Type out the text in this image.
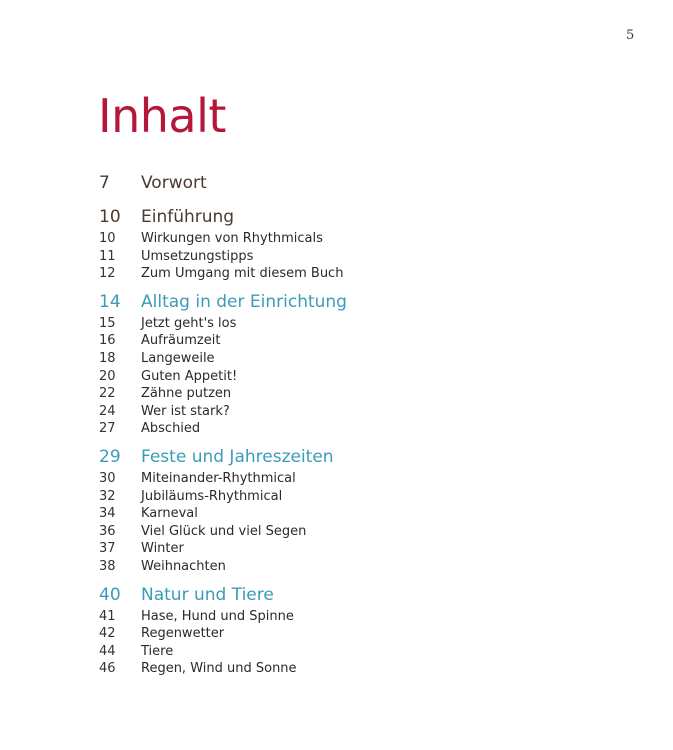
5
Inhalt
7	Vorwort
10	Einführung
10	Wirkungen von Rhythmicals
11	Umsetzungstipps
12	Zum Umgang mit diesem Buch
14	Alltag in der Einrichtung
15	Jetzt geht's los
16	Aufräumzeit
18	Langeweile
20	Guten Appetit!
22	Zähne putzen
24	Wer ist stark?
27	Abschied
29	Feste und Jahreszeiten
30	Miteinander-Rhythmical
32	Jubiläums-Rhythmical
34	Karneval
36	Viel Glück und viel Segen
37	Winter
38	Weihnachten
40	Natur und Tiere
41	Hase, Hund und Spinne
42	Regenwetter
44	Tiere
46	Regen, Wind und Sonne
